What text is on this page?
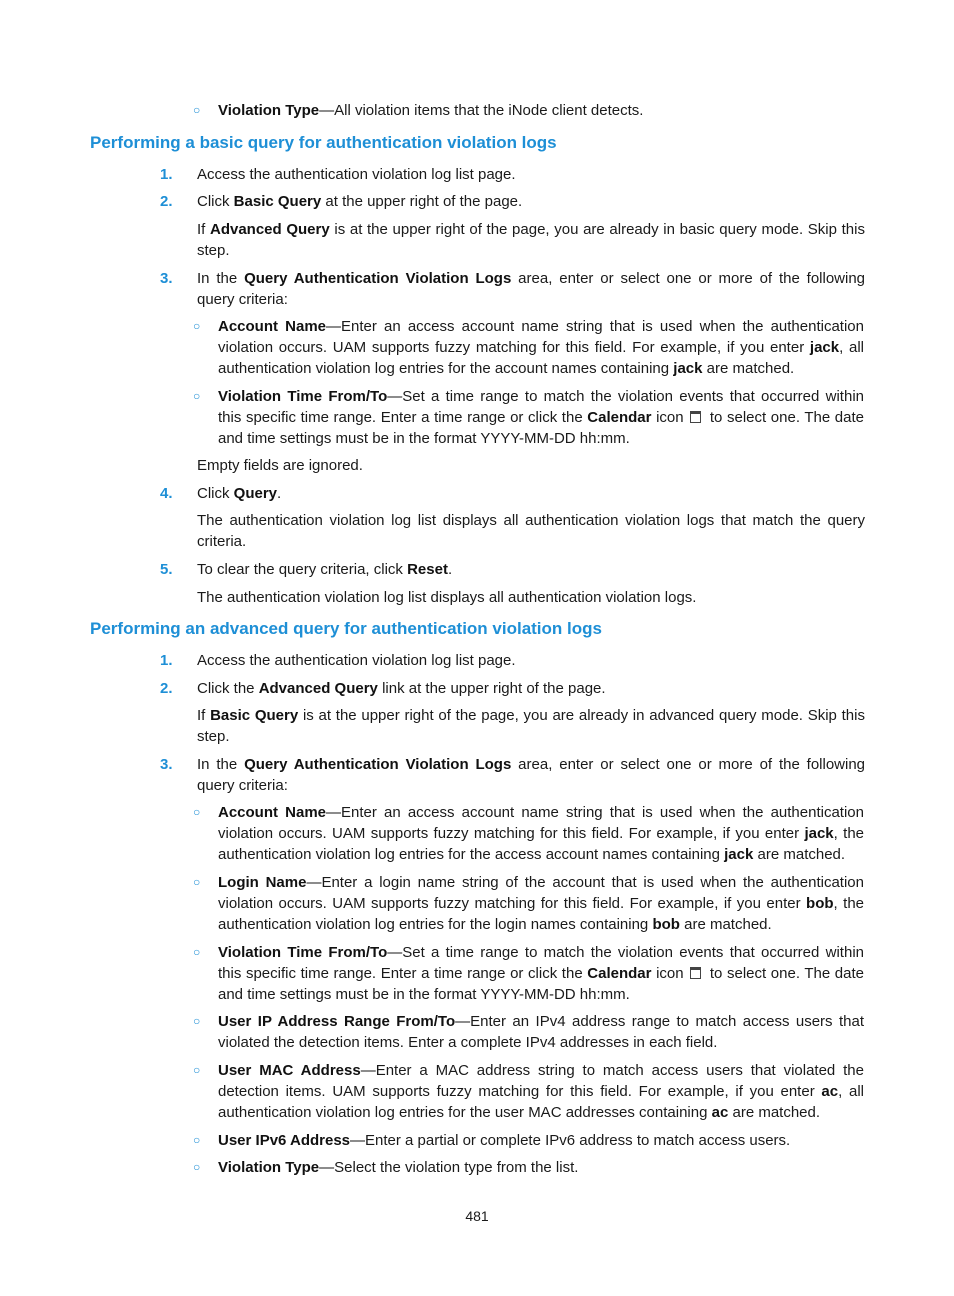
○	Violation Type—All violation items that the iNode client detects.
Performing a basic query for authentication violation logs
1.	Access the authentication violation log list page.
2.	Click Basic Query at the upper right of the page.
If Advanced Query is at the upper right of the page, you are already in basic query mode. Skip this step.
3.	In the Query Authentication Violation Logs area, enter or select one or more of the following query criteria:
○	Account Name—Enter an access account name string that is used when the authentication violation occurs. UAM supports fuzzy matching for this field. For example, if you enter jack, all authentication violation log entries for the account names containing jack are matched.
○	Violation Time From/To—Set a time range to match the violation events that occurred within this specific time range. Enter a time range or click the Calendar icon  to select one. The date and time settings must be in the format YYYY-MM-DD hh:mm.
Empty fields are ignored.
4.	Click Query.
The authentication violation log list displays all authentication violation logs that match the query criteria.
5.	To clear the query criteria, click Reset.
The authentication violation log list displays all authentication violation logs.
Performing an advanced query for authentication violation logs
1.	Access the authentication violation log list page.
2.	Click the Advanced Query link at the upper right of the page.
If Basic Query is at the upper right of the page, you are already in advanced query mode. Skip this step.
3.	In the Query Authentication Violation Logs area, enter or select one or more of the following query criteria:
○	Account Name—Enter an access account name string that is used when the authentication violation occurs. UAM supports fuzzy matching for this field. For example, if you enter jack, the authentication violation log entries for the access account names containing jack are matched.
○	Login Name—Enter a login name string of the account that is used when the authentication violation occurs. UAM supports fuzzy matching for this field. For example, if you enter bob, the authentication violation log entries for the login names containing bob are matched.
○	Violation Time From/To—Set a time range to match the violation events that occurred within this specific time range. Enter a time range or click the Calendar icon  to select one. The date and time settings must be in the format YYYY-MM-DD hh:mm.
○	User IP Address Range From/To—Enter an IPv4 address range to match access users that violated the detection items. Enter a complete IPv4 addresses in each field.
○	User MAC Address—Enter a MAC address string to match access users that violated the detection items. UAM supports fuzzy matching for this field. For example, if you enter ac, all authentication violation log entries for the user MAC addresses containing ac are matched.
○	User IPv6 Address—Enter a partial or complete IPv6 address to match access users.
○	Violation Type—Select the violation type from the list.
481
